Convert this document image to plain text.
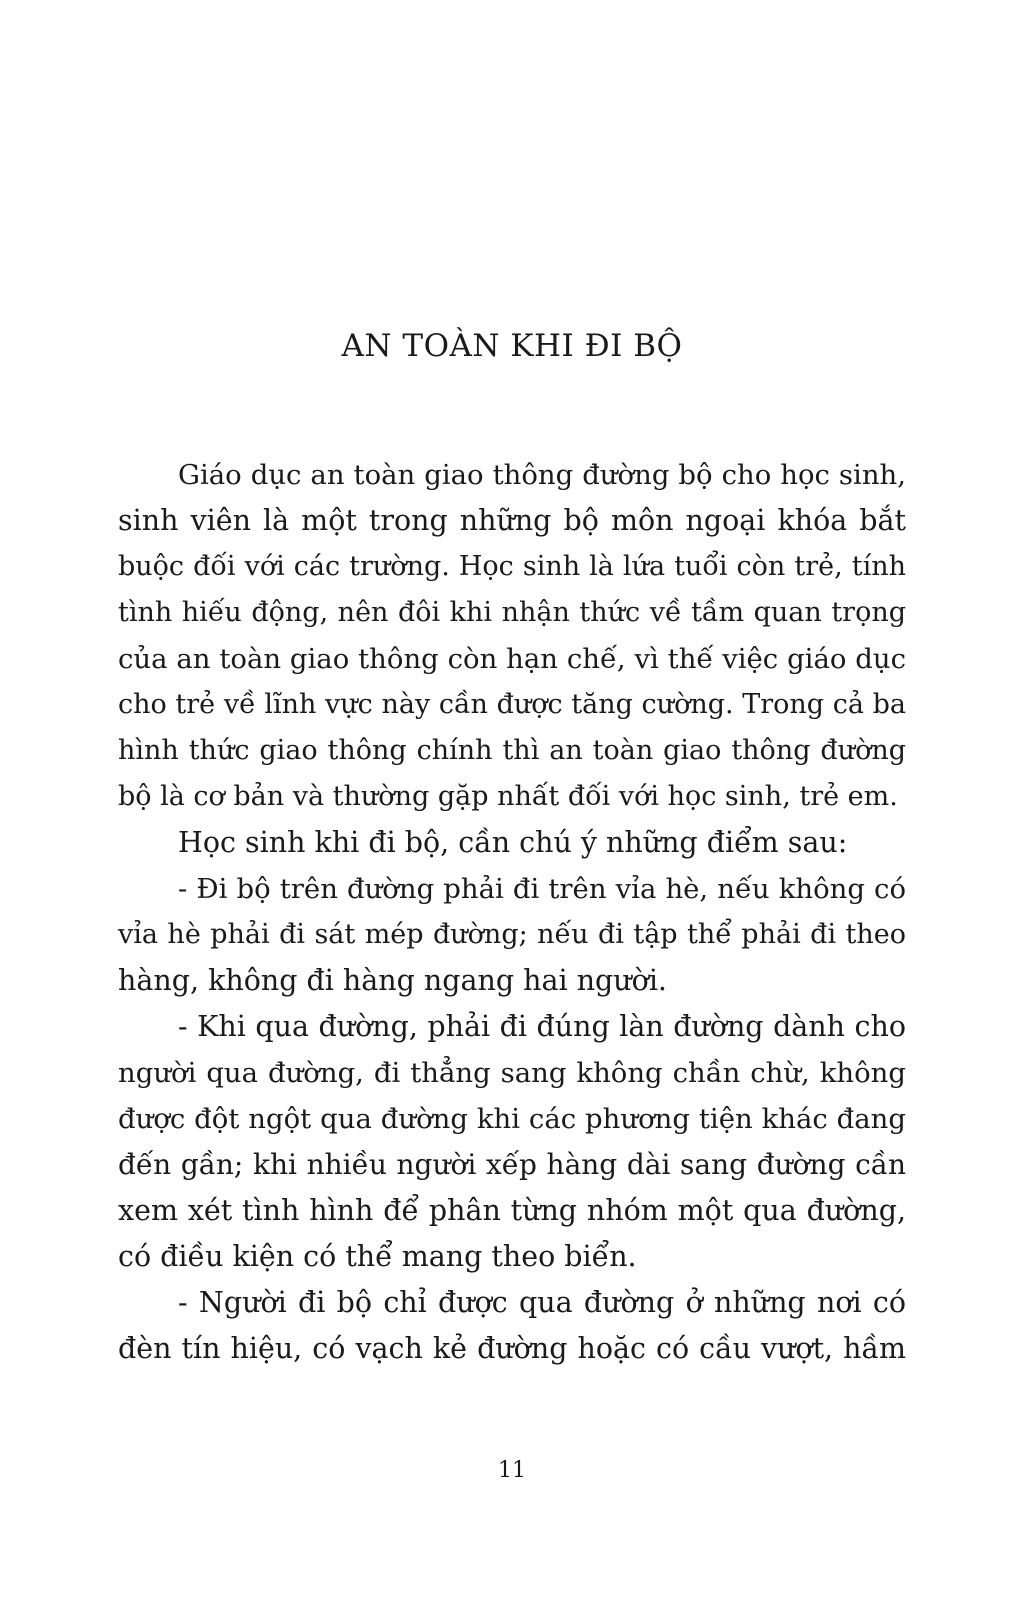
AN TOÀN KHI ĐI BỘ
Giáo dục an toàn giao thông đường bộ cho học sinh,
sinh viên là một trong những bộ môn ngoại khóa bắt
buộc đối với các trường. Học sinh là lứa tuổi còn trẻ, tính
tình hiếu động, nên đôi khi nhận thức về tầm quan trọng
của an toàn giao thông còn hạn chế, vì thế việc giáo dục
cho trẻ về lĩnh vực này cần được tăng cường. Trong cả ba
hình thức giao thông chính thì an toàn giao thông đường
bộ là cơ bản và thường gặp nhất đối với học sinh, trẻ em.
Học sinh khi đi bộ, cần chú ý những điểm sau:
- Đi bộ trên đường phải đi trên vỉa hè, nếu không có
vỉa hè phải đi sát mép đường; nếu đi tập thể phải đi theo
hàng, không đi hàng ngang hai người.
- Khi qua đường, phải đi đúng làn đường dành cho
người qua đường, đi thẳng sang không chần chừ, không
được đột ngột qua đường khi các phương tiện khác đang
đến gần; khi nhiều người xếp hàng dài sang đường cần
xem xét tình hình để phân từng nhóm một qua đường,
có điều kiện có thể mang theo biển.
- Người đi bộ chỉ được qua đường ở những nơi có
đèn tín hiệu, có vạch kẻ đường hoặc có cầu vượt, hầm
11
